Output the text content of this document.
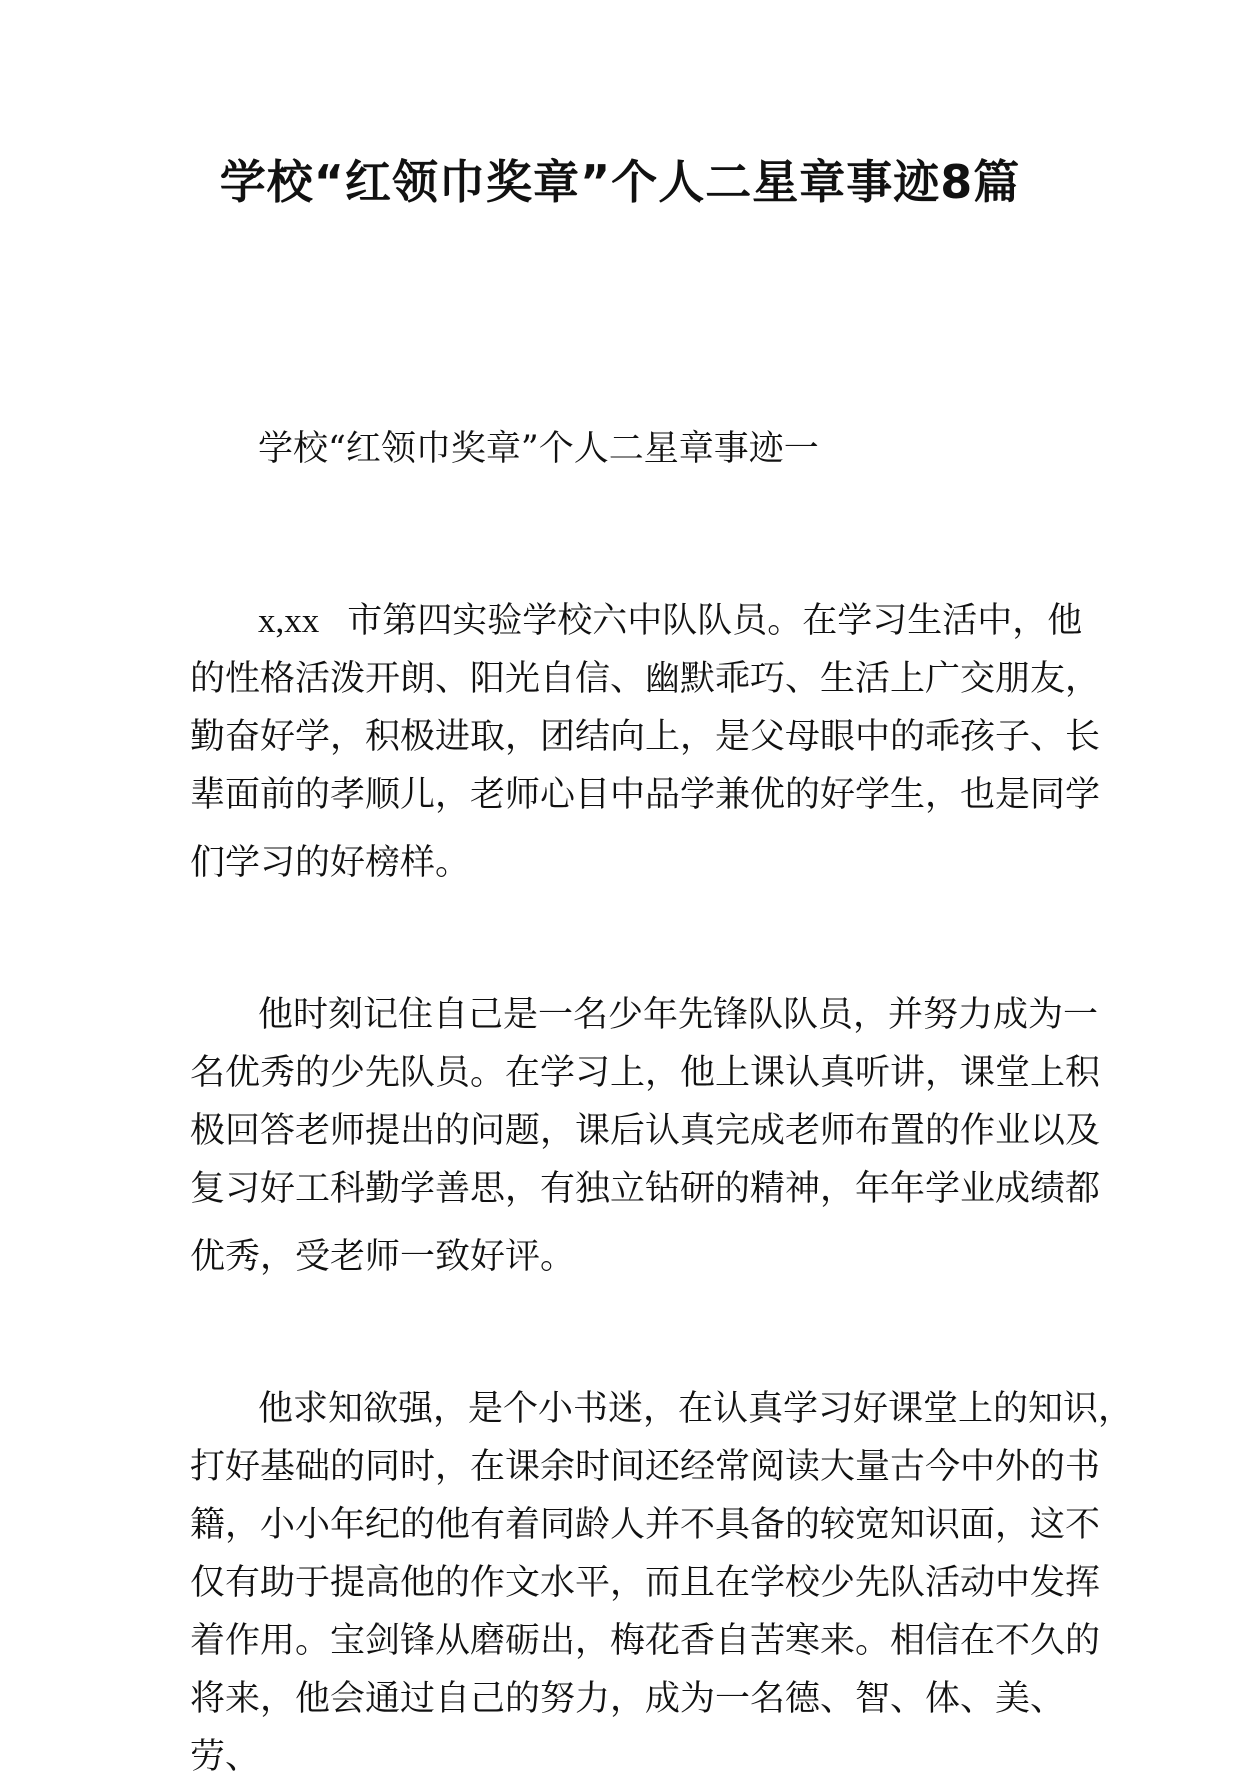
学校“红领巾奖章”个人二星章事迹8篇

学校“红领巾奖章”个人二星章事迹一

x,xx 市第四实验学校六中队队员。在学习生活中，他
的性格活泼开朗、阳光自信、幽默乖巧、生活上广交朋友，
勤奋好学，积极进取，团结向上，是父母眼中的乖孩子、长
辈面前的孝顺儿，老师心目中品学兼优的好学生，也是同学
们学习的好榜样。
他时刻记住自己是一名少年先锋队队员，并努力成为一
名优秀的少先队员。在学习上，他上课认真听讲，课堂上积
极回答老师提出的问题，课后认真完成老师布置的作业以及
复习好工科勤学善思，有独立钻研的精神，年年学业成绩都
优秀，受老师一致好评。
他求知欲强，是个小书迷，在认真学习好课堂上的知识，
打好基础的同时，在课余时间还经常阅读大量古今中外的书
籍，小小年纪的他有着同龄人并不具备的较宽知识面，这不
仅有助于提高他的作文水平，而且在学校少先队活动中发挥
着作用。宝剑锋从磨砺出，梅花香自苦寒来。相信在不久的
将来，他会通过自己的努力，成为一名德、智、体、美、
劳、
